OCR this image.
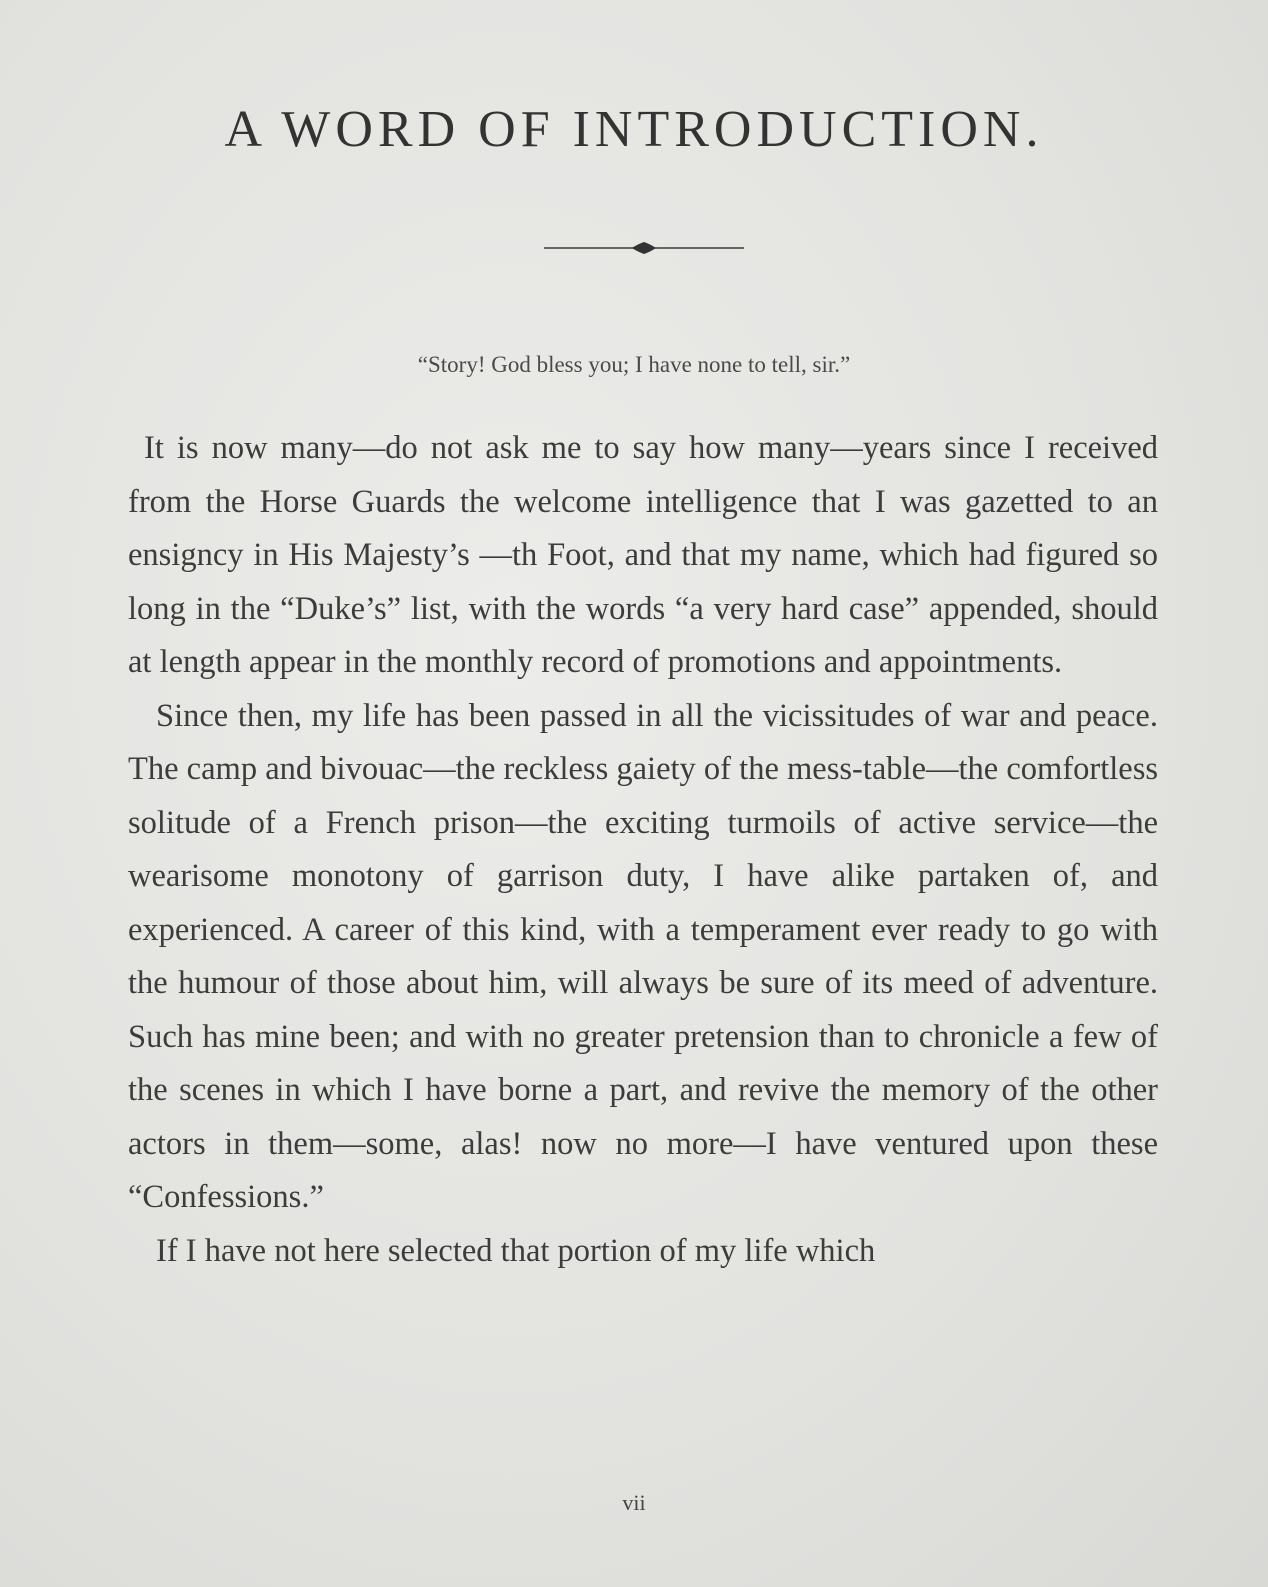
A WORD OF INTRODUCTION.

“Story! God bless you; I have none to tell, sir.”

It is now many—do not ask me to say how many—years since I received from the Horse Guards the welcome intelligence that I was gazetted to an ensigncy in His Majesty’s —th Foot, and that my name, which had figured so long in the “Duke’s” list, with the words “a very hard case” appended, should at length appear in the monthly record of promotions and appointments.

Since then, my life has been passed in all the vicissitudes of war and peace. The camp and bivouac—the reckless gaiety of the mess-table—the comfortless solitude of a French prison—the exciting turmoils of active service—the wearisome monotony of garrison duty, I have alike partaken of, and experienced. A career of this kind, with a temperament ever ready to go with the humour of those about him, will always be sure of its meed of adventure. Such has mine been; and with no greater pretension than to chronicle a few of the scenes in which I have borne a part, and revive the memory of the other actors in them—some, alas! now no more—I have ventured upon these “Confessions.”

If I have not here selected that portion of my life which

vii
